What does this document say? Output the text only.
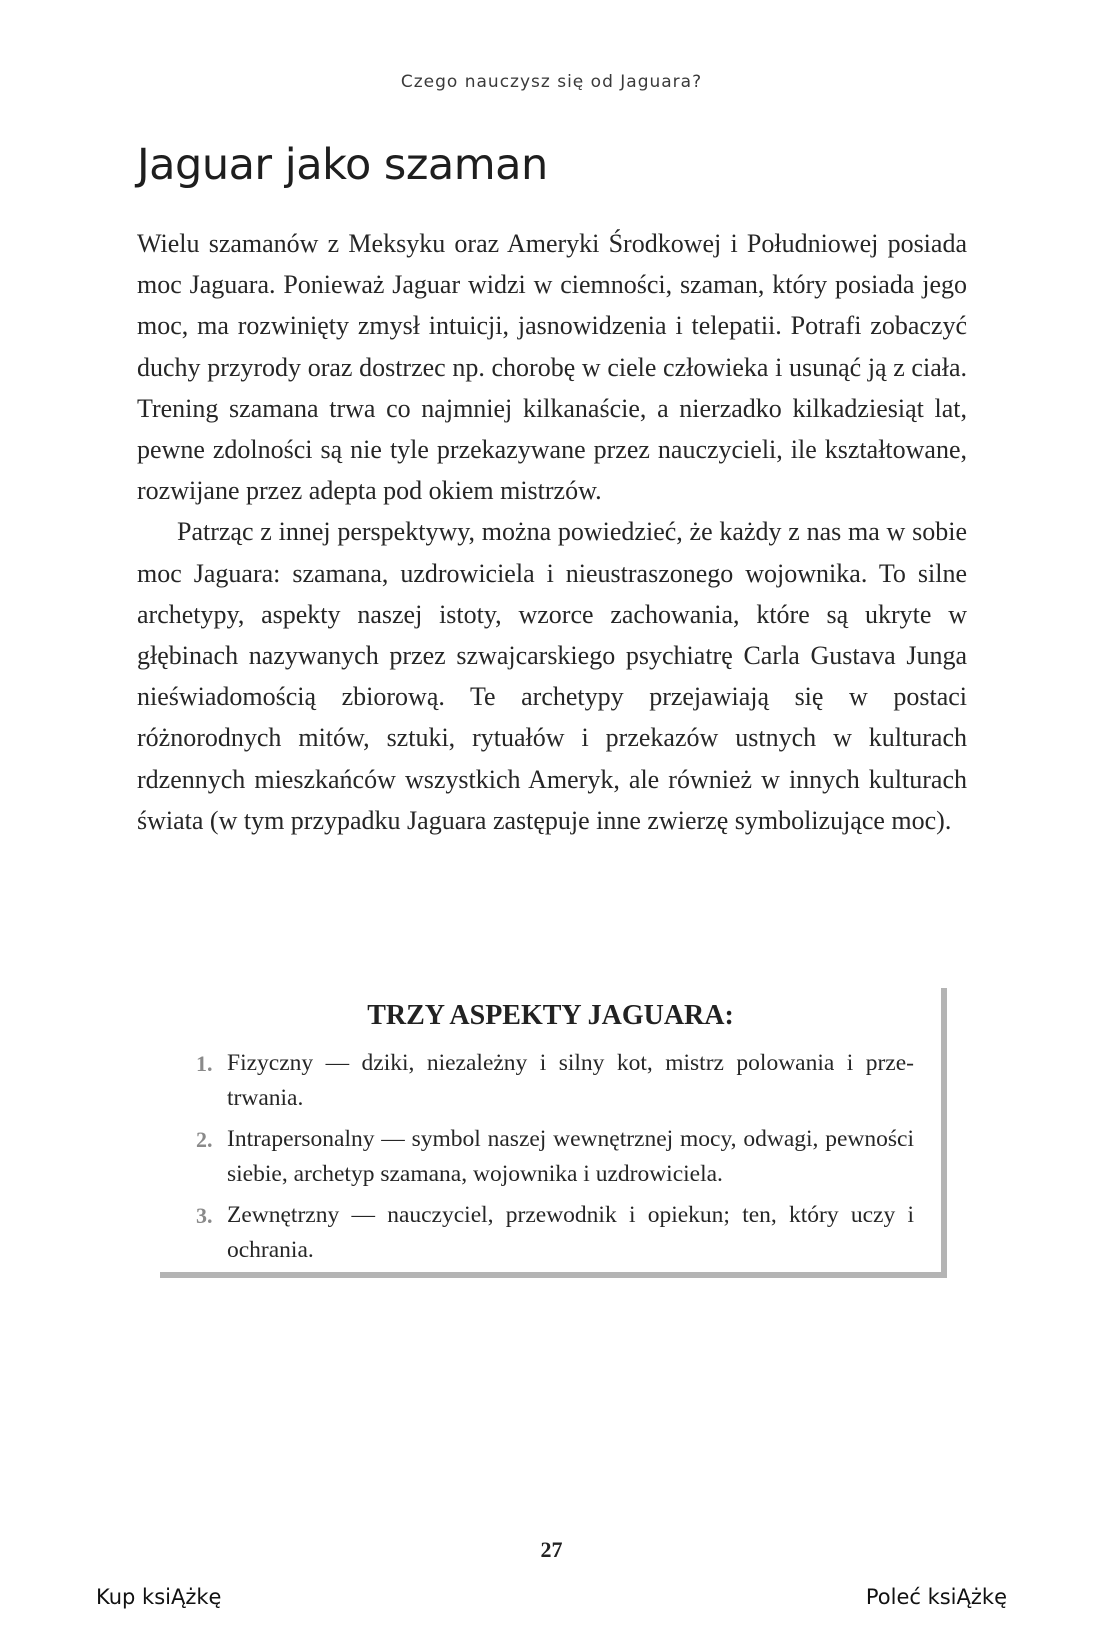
Czego nauczysz się od Jaguara?
Jaguar jako szaman

Wielu szamanów z Meksyku oraz Ameryki Środkowej i Południowej posiada moc Jaguara. Ponieważ Jaguar widzi w ciemności, szaman, który posiada jego moc, ma rozwinięty zmysł intuicji, jasnowidzenia i telepatii. Potrafi zobaczyć duchy przyrody oraz dostrzec np. chorobę w ciele człowieka i usunąć ją z ciała. Trening szamana trwa co najmniej kilkanaście, a nierzadko kilkadziesiąt lat, pewne zdolności są nie tyle przekazywane przez nauczycieli, ile kształtowane, rozwijane przez adepta pod okiem mistrzów.

Patrząc z innej perspektywy, można powiedzieć, że każdy z nas ma w sobie moc Jaguara: szamana, uzdrowiciela i nieustraszonego wojownika. To silne archetypy, aspekty naszej istoty, wzorce zachowania, które są ukryte w głębinach nazywanych przez szwajcarskiego psychiatrę Carla Gustava Junga nieświadomością zbiorową. Te archetypy przejawiają się w postaci różnorodnych mitów, sztuki, rytuałów i przekazów ustnych w kulturach rdzennych mieszkańców wszystkich Ameryk, ale również w innych kulturach świata (w tym przypadku Jaguara zastępuje inne zwierzę symbolizujące moc).

TRZY ASPEKTY JAGUARA:
1. Fizyczny — dziki, niezależny i silny kot, mistrz polowania i przetrwania.
2. Intrapersonalny — symbol naszej wewnętrznej mocy, odwagi, pewności siebie, archetyp szamana, wojownika i uzdrowiciela.
3. Zewnętrzny — nauczyciel, przewodnik i opiekun; ten, który uczy i ochrania.
27
Kup ksiĄżkę	Poleć ksiĄżkę
